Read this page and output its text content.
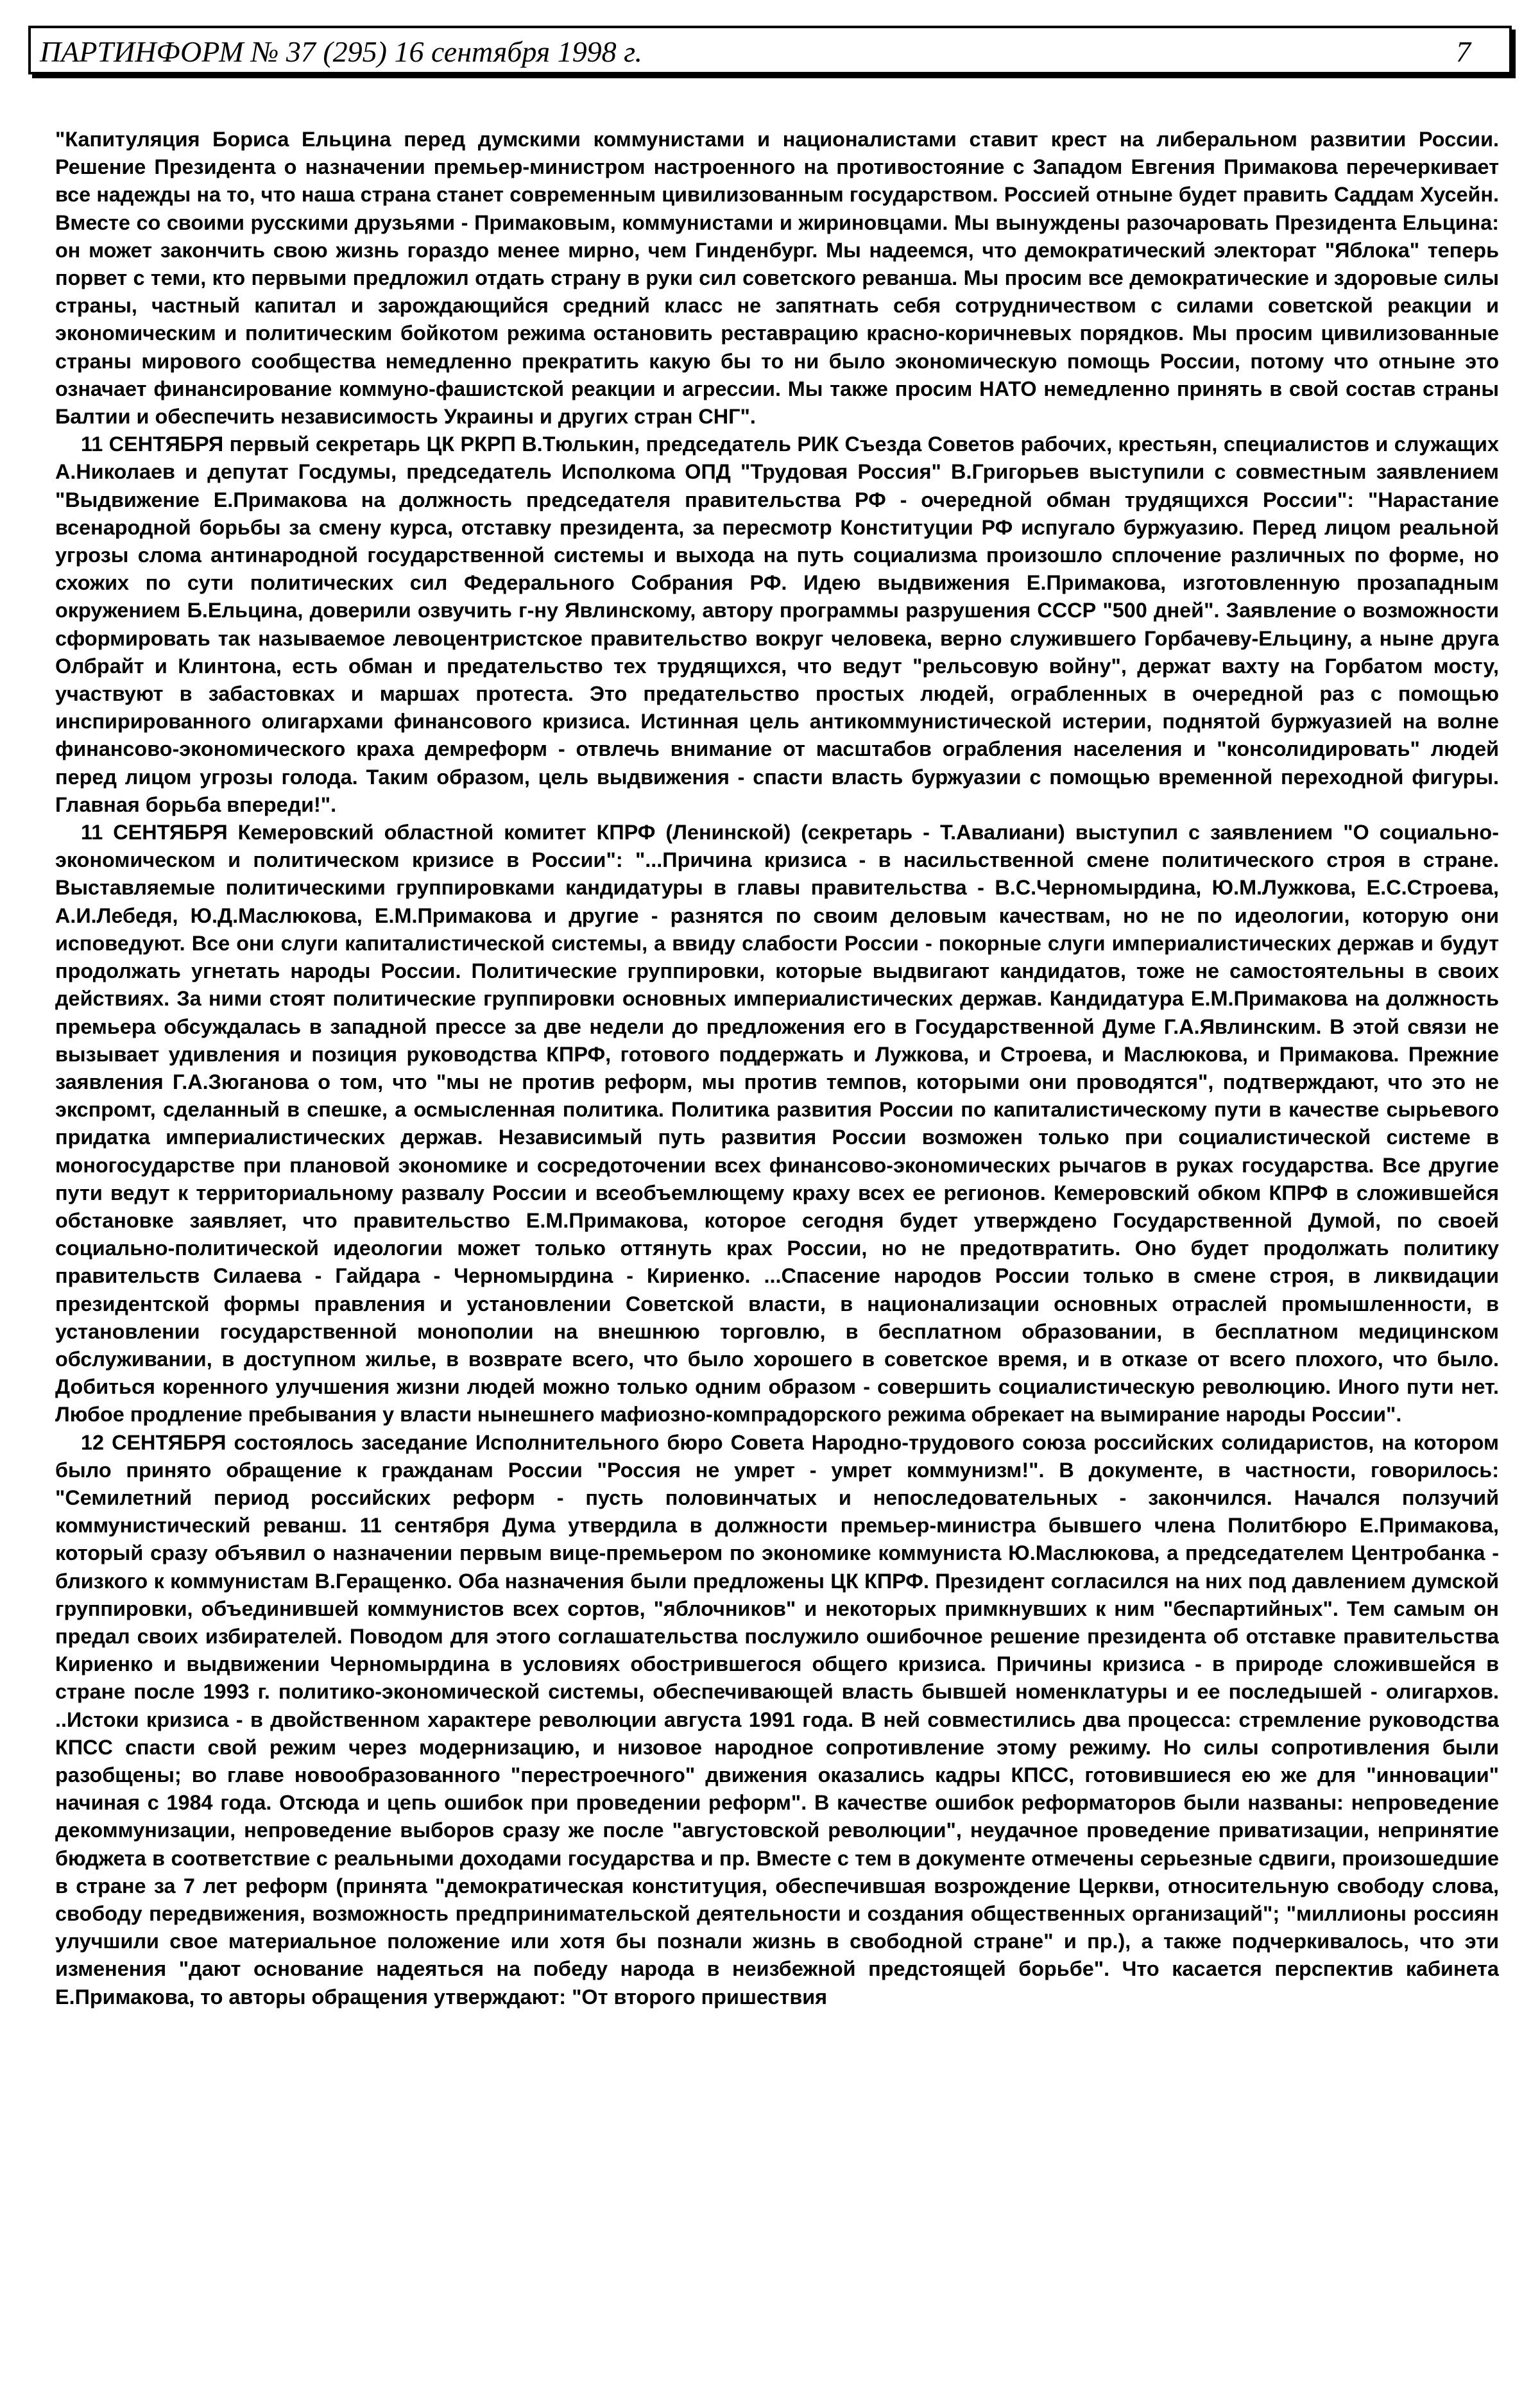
ПАРТИНФОРМ № 37 (295) 16 сентября 1998 г.	7

"Капитуляция Бориса Ельцина перед думскими коммунистами и националистами ставит крест на либеральном развитии России. Решение Президента о назначении премьер-министром настроенного на противостояние с Западом Евгения Примакова перечеркивает все надежды на то, что наша страна станет современным цивилизованным государством. Россией отныне будет править Саддам Хусейн. Вместе со своими русскими друзьями - Примаковым, коммунистами и жириновцами. Мы вынуждены разочаровать Президента Ельцина: он может закончить свою жизнь гораздо менее мирно, чем Гинденбург. Мы надеемся, что демократический электорат "Яблока" теперь порвет с теми, кто первыми предложил отдать страну в руки сил советского реванша. Мы просим все демократические и здоровые силы страны, частный капитал и зарождающийся средний класс не запятнать себя сотрудничеством с силами советской реакции и экономическим и политическим бойкотом режима остановить реставрацию красно-коричневых порядков. Мы просим цивилизованные страны мирового сообщества немедленно прекратить какую бы то ни было экономическую помощь России, потому что отныне это означает финансирование коммуно-фашистской реакции и агрессии. Мы также просим НАТО немедленно принять в свой состав страны Балтии и обеспечить независимость Украины и других стран СНГ".

11 СЕНТЯБРЯ первый секретарь ЦК РКРП В.Тюлькин, председатель РИК Съезда Советов рабочих, крестьян, специалистов и служащих А.Николаев и депутат Госдумы, председатель Исполкома ОПД "Трудовая Россия" В.Григорьев выступили с совместным заявлением "Выдвижение Е.Примакова на должность председателя правительства РФ - очередной обман трудящихся России": "Нарастание всенародной борьбы за смену курса, отставку президента, за пересмотр Конституции РФ испугало буржуазию. Перед лицом реальной угрозы слома антинародной государственной системы и выхода на путь социализма произошло сплочение различных по форме, но схожих по сути политических сил Федерального Собрания РФ. Идею выдвижения Е.Примакова, изготовленную прозападным окружением Б.Ельцина, доверили озвучить г-ну Явлинскому, автору программы разрушения СССР "500 дней". Заявление о возможности сформировать так называемое левоцентристское правительство вокруг человека, верно служившего Горбачеву-Ельцину, а ныне друга Олбрайт и Клинтона, есть обман и предательство тех трудящихся, что ведут "рельсовую войну", держат вахту на Горбатом мосту, участвуют в забастовках и маршах протеста. Это предательство простых людей, ограбленных в очередной раз с помощью инспирированного олигархами финансового кризиса. Истинная цель антикоммунистической истерии, поднятой буржуазией на волне финансово-экономического краха демреформ - отвлечь внимание от масштабов ограбления населения и "консолидировать" людей перед лицом угрозы голода. Таким образом, цель выдвижения - спасти власть буржуазии с помощью временной переходной фигуры. Главная борьба впереди!".

11 СЕНТЯБРЯ Кемеровский областной комитет КПРФ (Ленинской) (секретарь - Т.Авалиани) выступил с заявлением "О социально-экономическом и политическом кризисе в России": "...Причина кризиса - в насильственной смене политического строя в стране. Выставляемые политическими группировками кандидатуры в главы правительства - В.С.Черномырдина, Ю.М.Лужкова, Е.С.Строева, А.И.Лебедя, Ю.Д.Маслюкова, Е.М.Примакова и другие - разнятся по своим деловым качествам, но не по идеологии, которую они исповедуют. Все они слуги капиталистической системы, а ввиду слабости России - покорные слуги империалистических держав и будут продолжать угнетать народы России. Политические группировки, которые выдвигают кандидатов, тоже не самостоятельны в своих действиях. За ними стоят политические группировки основных империалистических держав. Кандидатура Е.М.Примакова на должность премьера обсуждалась в западной прессе за две недели до предложения его в Государственной Думе Г.А.Явлинским. В этой связи не вызывает удивления и позиция руководства КПРФ, готового поддержать и Лужкова, и Строева, и Маслюкова, и Примакова. Прежние заявления Г.А.Зюганова о том, что "мы не против реформ, мы против темпов, которыми они проводятся", подтверждают, что это не экспромт, сделанный в спешке, а осмысленная политика. Политика развития России по капиталистическому пути в качестве сырьевого придатка империалистических держав. Независимый путь развития России возможен только при социалистической системе в моногосударстве при плановой экономике и сосредоточении всех финансово-экономических рычагов в руках государства. Все другие пути ведут к территориальному развалу России и всеобъемлющему краху всех ее регионов. Кемеровский обком КПРФ в сложившейся обстановке заявляет, что правительство Е.М.Примакова, которое сегодня будет утверждено Государственной Думой, по своей социально-политической идеологии может только оттянуть крах России, но не предотвратить. Оно будет продолжать политику правительств Силаева - Гайдара - Черномырдина - Кириенко. ...Спасение народов России только в смене строя, в ликвидации президентской формы правления и установлении Советской власти, в национализации основных отраслей промышленности, в установлении государственной монополии на внешнюю торговлю, в бесплатном образовании, в бесплатном медицинском обслуживании, в доступном жилье, в возврате всего, что было хорошего в советское время, и в отказе от всего плохого, что было. Добиться коренного улучшения жизни людей можно только одним образом - совершить социалистическую революцию. Иного пути нет. Любое продление пребывания у власти нынешнего мафиозно-компрадорского режима обрекает на вымирание народы России".

12 СЕНТЯБРЯ состоялось заседание Исполнительного бюро Совета Народно-трудового союза российских солидаристов, на котором было принято обращение к гражданам России "Россия не умрет - умрет коммунизм!". В документе, в частности, говорилось: "Семилетний период российских реформ - пусть половинчатых и непоследовательных - закончился. Начался ползучий коммунистический реванш. 11 сентября Дума утвердила в должности премьер-министра бывшего члена Политбюро Е.Примакова, который сразу объявил о назначении первым вице-премьером по экономике коммуниста Ю.Маслюкова, а председателем Центробанка - близкого к коммунистам В.Геращенко. Оба назначения были предложены ЦК КПРФ. Президент согласился на них под давлением думской группировки, объединившей коммунистов всех сортов, "яблочников" и некоторых примкнувших к ним "беспартийных". Тем самым он предал своих избирателей. Поводом для этого соглашательства послужило ошибочное решение президента об отставке правительства Кириенко и выдвижении Черномырдина в условиях обострившегося общего кризиса. Причины кризиса - в природе сложившейся в стране после 1993 г. политико-экономической системы, обеспечивающей власть бывшей номенклатуры и ее последышей - олигархов. ..Истоки кризиса - в двойственном характере революции августа 1991 года. В ней совместились два процесса: стремление руководства КПСС спасти свой режим через модернизацию, и низовое народное сопротивление этому режиму. Но силы сопротивления были разобщены; во главе новообразованного "перестроечного" движения оказались кадры КПСС, готовившиеся ею же для "инновации" начиная с 1984 года. Отсюда и цепь ошибок при проведении реформ". В качестве ошибок реформаторов были названы: непроведение декоммунизации, непроведение выборов сразу же после "августовской революции", неудачное проведение приватизации, непринятие бюджета в соответствие с реальными доходами государства и пр. Вместе с тем в документе отмечены серьезные сдвиги, произошедшие в стране за 7 лет реформ (принята "демократическая конституция, обеспечившая возрождение Церкви, относительную свободу слова, свободу передвижения, возможность предпринимательской деятельности и создания общественных организаций"; "миллионы россиян улучшили свое материальное положение или хотя бы познали жизнь в свободной стране" и пр.), а также подчеркивалось, что эти изменения "дают основание надеяться на победу народа в неизбежной предстоящей борьбе". Что касается перспектив кабинета Е.Примакова, то авторы обращения утверждают: "От второго пришествия
